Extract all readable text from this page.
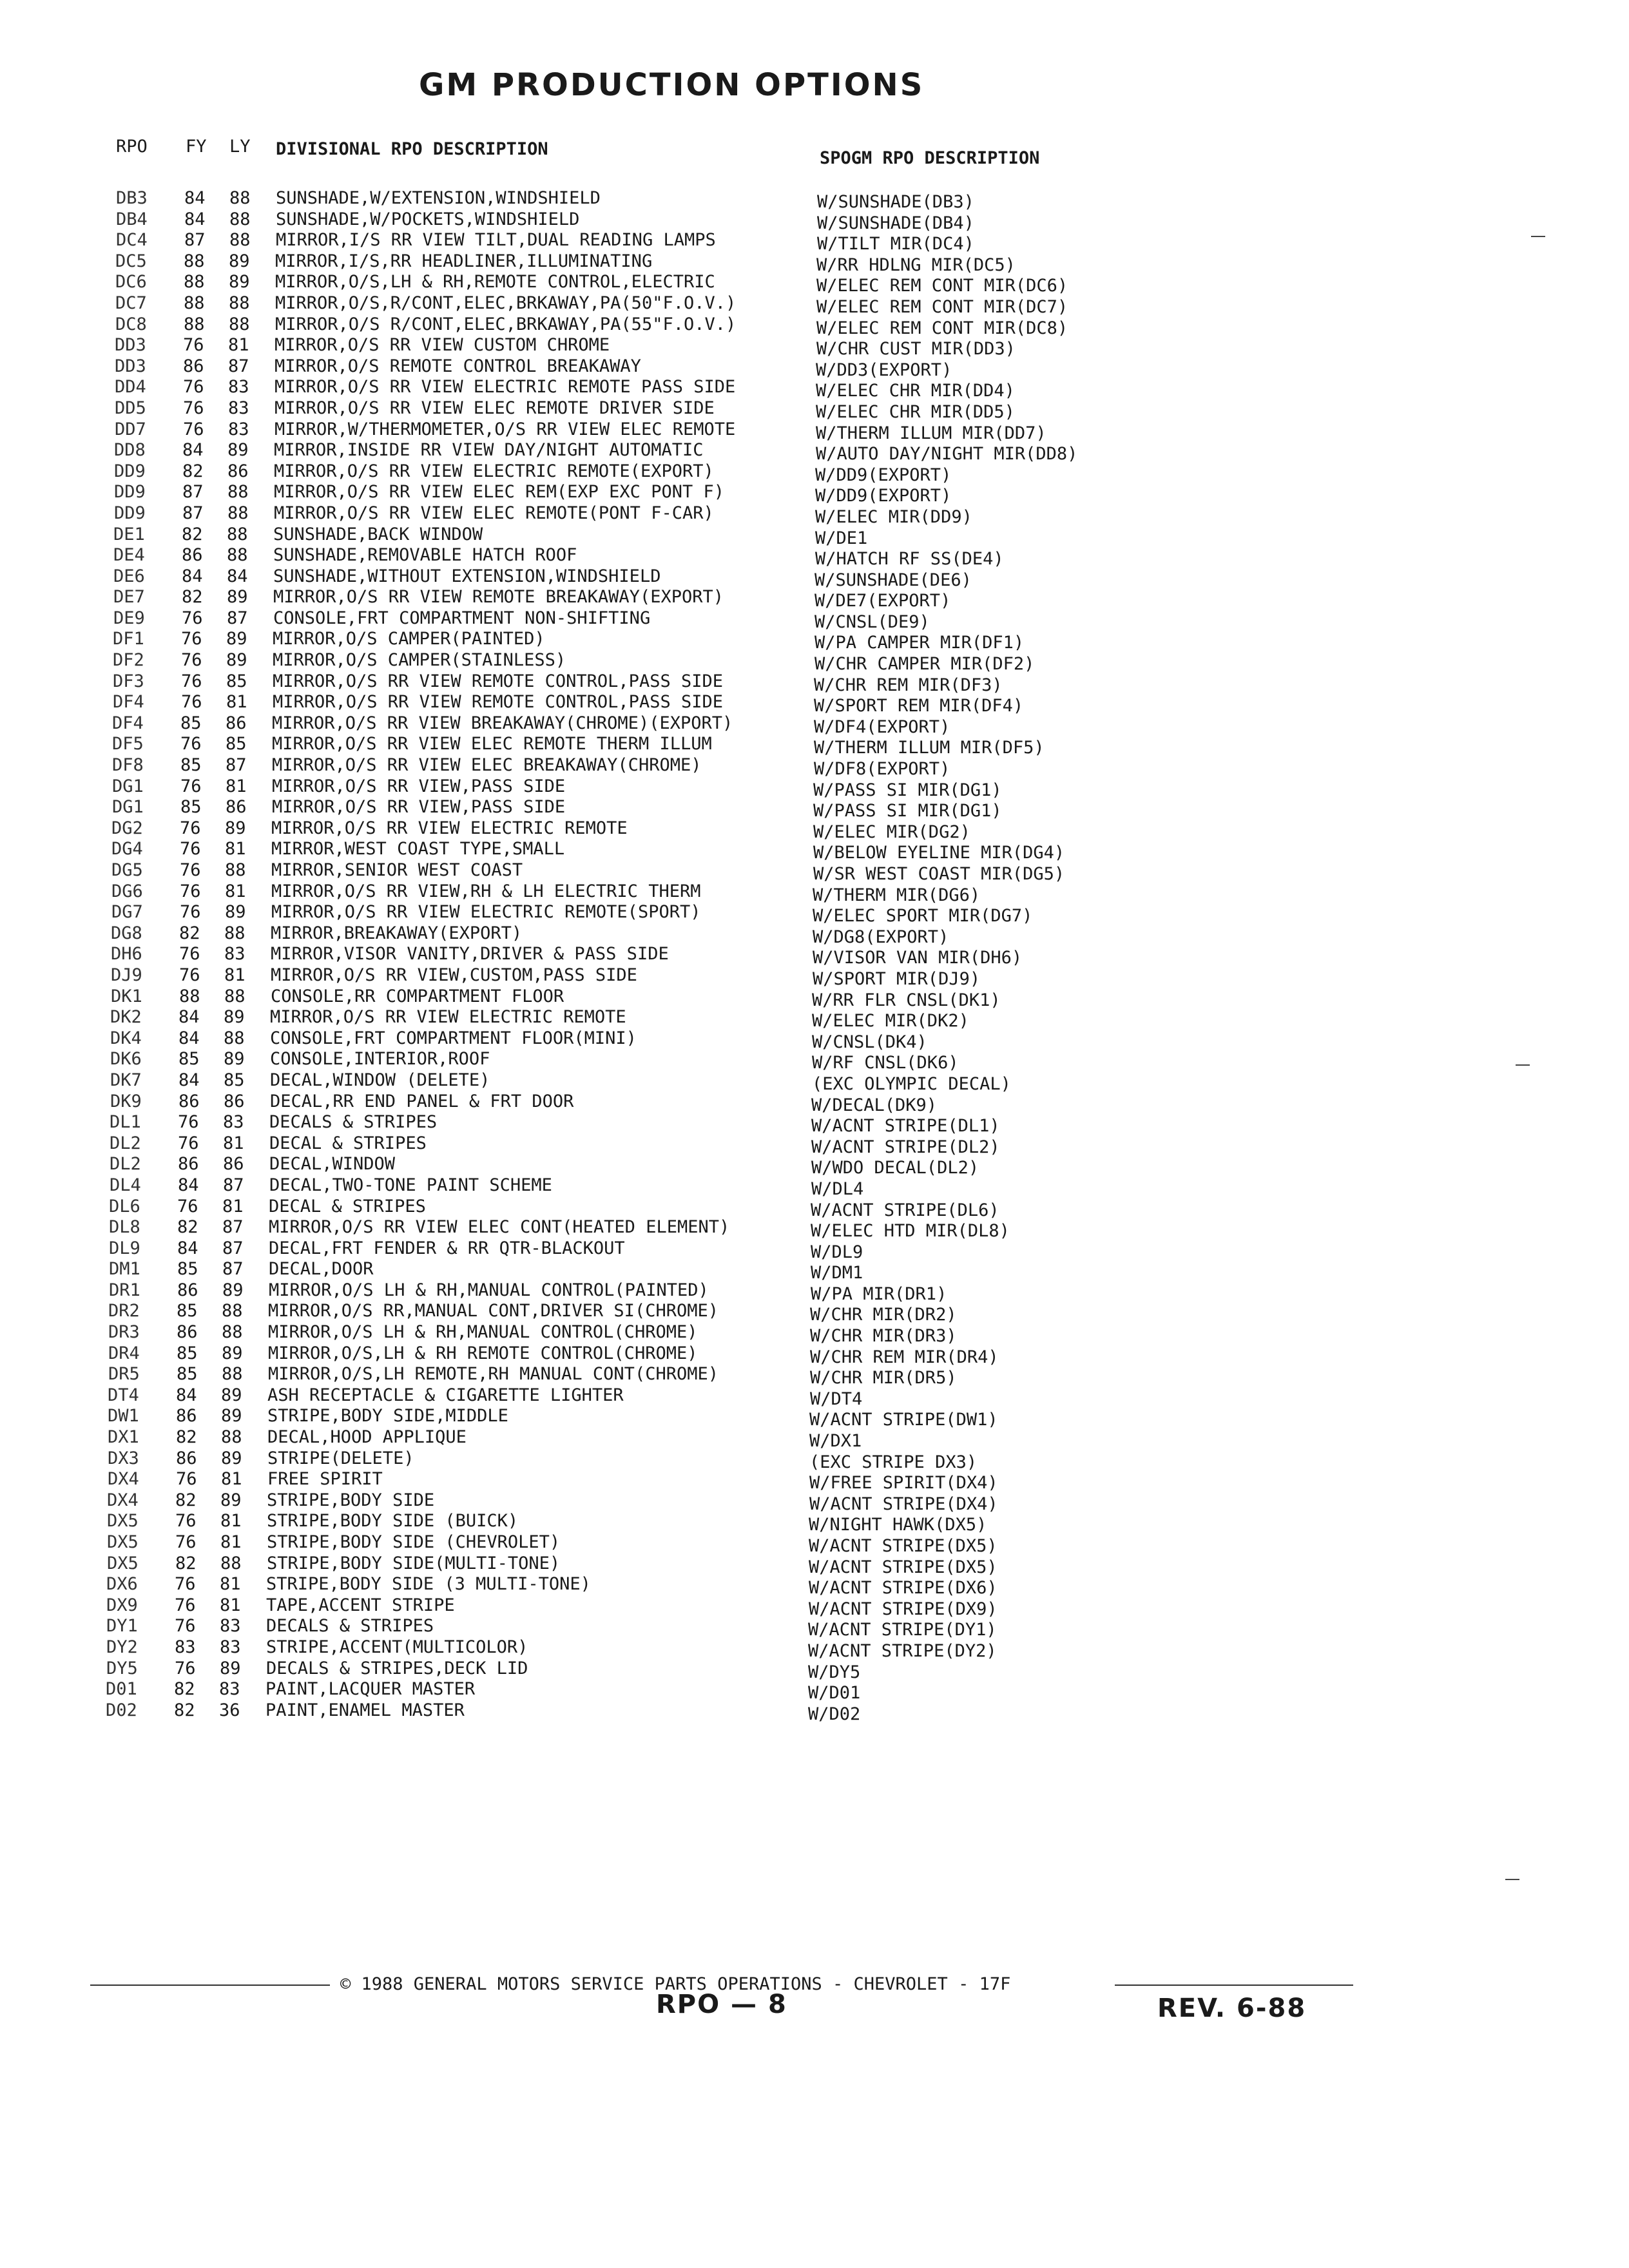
GM PRODUCTION OPTIONS
RPO FY LY DIVISIONAL RPO DESCRIPTION	SPOGM RPO DESCRIPTION
DB3 84 88 SUNSHADE,W/EXTENSION,WINDSHIELD	W/SUNSHADE(DB3)
DB4 84 88 SUNSHADE,W/POCKETS,WINDSHIELD	W/SUNSHADE(DB4)
DC4 87 88 MIRROR,I/S RR VIEW TILT,DUAL READING LAMPS	W/TILT MIR(DC4)
DC5 88 89 MIRROR,I/S,RR HEADLINER,ILLUMINATING	W/RR HDLNG MIR(DC5)
DC6 88 89 MIRROR,O/S,LH & RH,REMOTE CONTROL,ELECTRIC	W/ELEC REM CONT MIR(DC6)
DC7 88 88 MIRROR,O/S,R/CONT,ELEC,BRKAWAY,PA(50"F.O.V.)	W/ELEC REM CONT MIR(DC7)
DC8 88 88 MIRROR,O/S R/CONT,ELEC,BRKAWAY,PA(55"F.O.V.)	W/ELEC REM CONT MIR(DC8)
DD3 76 81 MIRROR,O/S RR VIEW CUSTOM CHROME	W/CHR CUST MIR(DD3)
DD3 86 87 MIRROR,O/S REMOTE CONTROL BREAKAWAY	W/DD3(EXPORT)
DD4 76 83 MIRROR,O/S RR VIEW ELECTRIC REMOTE PASS SIDE	W/ELEC CHR MIR(DD4)
DD5 76 83 MIRROR,O/S RR VIEW ELEC REMOTE DRIVER SIDE	W/ELEC CHR MIR(DD5)
DD7 76 83 MIRROR,W/THERMOMETER,O/S RR VIEW ELEC REMOTE	W/THERM ILLUM MIR(DD7)
DD8 84 89 MIRROR,INSIDE RR VIEW DAY/NIGHT AUTOMATIC	W/AUTO DAY/NIGHT MIR(DD8)
DD9 82 86 MIRROR,O/S RR VIEW ELECTRIC REMOTE(EXPORT)	W/DD9(EXPORT)
DD9 87 88 MIRROR,O/S RR VIEW ELEC REM(EXP EXC PONT F)	W/DD9(EXPORT)
DD9 87 88 MIRROR,O/S RR VIEW ELEC REMOTE(PONT F-CAR)	W/ELEC MIR(DD9)
DE1 82 88 SUNSHADE,BACK WINDOW	W/DE1
DE4 86 88 SUNSHADE,REMOVABLE HATCH ROOF	W/HATCH RF SS(DE4)
DE6 84 84 SUNSHADE,WITHOUT EXTENSION,WINDSHIELD	W/SUNSHADE(DE6)
DE7 82 89 MIRROR,O/S RR VIEW REMOTE BREAKAWAY(EXPORT)	W/DE7(EXPORT)
DE9 76 87 CONSOLE,FRT COMPARTMENT NON-SHIFTING	W/CNSL(DE9)
DF1 76 89 MIRROR,O/S CAMPER(PAINTED)	W/PA CAMPER MIR(DF1)
DF2 76 89 MIRROR,O/S CAMPER(STAINLESS)	W/CHR CAMPER MIR(DF2)
DF3 76 85 MIRROR,O/S RR VIEW REMOTE CONTROL,PASS SIDE	W/CHR REM MIR(DF3)
DF4 76 81 MIRROR,O/S RR VIEW REMOTE CONTROL,PASS SIDE	W/SPORT REM MIR(DF4)
DF4 85 86 MIRROR,O/S RR VIEW BREAKAWAY(CHROME)(EXPORT)	W/DF4(EXPORT)
DF5 76 85 MIRROR,O/S RR VIEW ELEC REMOTE THERM ILLUM	W/THERM ILLUM MIR(DF5)
DF8 85 87 MIRROR,O/S RR VIEW ELEC BREAKAWAY(CHROME)	W/DF8(EXPORT)
DG1 76 81 MIRROR,O/S RR VIEW,PASS SIDE	W/PASS SI MIR(DG1)
DG1 85 86 MIRROR,O/S RR VIEW,PASS SIDE	W/PASS SI MIR(DG1)
DG2 76 89 MIRROR,O/S RR VIEW ELECTRIC REMOTE	W/ELEC MIR(DG2)
DG4 76 81 MIRROR,WEST COAST TYPE,SMALL	W/BELOW EYELINE MIR(DG4)
DG5 76 88 MIRROR,SENIOR WEST COAST	W/SR WEST COAST MIR(DG5)
DG6 76 81 MIRROR,O/S RR VIEW,RH & LH ELECTRIC THERM	W/THERM MIR(DG6)
DG7 76 89 MIRROR,O/S RR VIEW ELECTRIC REMOTE(SPORT)	W/ELEC SPORT MIR(DG7)
DG8 82 88 MIRROR,BREAKAWAY(EXPORT)	W/DG8(EXPORT)
DH6 76 83 MIRROR,VISOR VANITY,DRIVER & PASS SIDE	W/VISOR VAN MIR(DH6)
DJ9 76 81 MIRROR,O/S RR VIEW,CUSTOM,PASS SIDE	W/SPORT MIR(DJ9)
DK1 88 88 CONSOLE,RR COMPARTMENT FLOOR	W/RR FLR CNSL(DK1)
DK2 84 89 MIRROR,O/S RR VIEW ELECTRIC REMOTE	W/ELEC MIR(DK2)
DK4 84 88 CONSOLE,FRT COMPARTMENT FLOOR(MINI)	W/CNSL(DK4)
DK6 85 89 CONSOLE,INTERIOR,ROOF	W/RF CNSL(DK6)
DK7 84 85 DECAL,WINDOW (DELETE)	(EXC OLYMPIC DECAL)
DK9 86 86 DECAL,RR END PANEL & FRT DOOR	W/DECAL(DK9)
DL1 76 83 DECALS & STRIPES	W/ACNT STRIPE(DL1)
DL2 76 81 DECAL & STRIPES	W/ACNT STRIPE(DL2)
DL2 86 86 DECAL,WINDOW	W/WDO DECAL(DL2)
DL4 84 87 DECAL,TWO-TONE PAINT SCHEME	W/DL4
DL6 76 81 DECAL & STRIPES	W/ACNT STRIPE(DL6)
DL8 82 87 MIRROR,O/S RR VIEW ELEC CONT(HEATED ELEMENT)	W/ELEC HTD MIR(DL8)
DL9 84 87 DECAL,FRT FENDER & RR QTR-BLACKOUT	W/DL9
DM1 85 87 DECAL,DOOR	W/DM1
DR1 86 89 MIRROR,O/S LH & RH,MANUAL CONTROL(PAINTED)	W/PA MIR(DR1)
DR2 85 88 MIRROR,O/S RR,MANUAL CONT,DRIVER SI(CHROME)	W/CHR MIR(DR2)
DR3 86 88 MIRROR,O/S LH & RH,MANUAL CONTROL(CHROME)	W/CHR MIR(DR3)
DR4 85 89 MIRROR,O/S,LH & RH REMOTE CONTROL(CHROME)	W/CHR REM MIR(DR4)
DR5 85 88 MIRROR,O/S,LH REMOTE,RH MANUAL CONT(CHROME)	W/CHR MIR(DR5)
DT4 84 89 ASH RECEPTACLE & CIGARETTE LIGHTER	W/DT4
DW1 86 89 STRIPE,BODY SIDE,MIDDLE	W/ACNT STRIPE(DW1)
DX1 82 88 DECAL,HOOD APPLIQUE	W/DX1
DX3 86 89 STRIPE(DELETE)	(EXC STRIPE DX3)
DX4 76 81 FREE SPIRIT	W/FREE SPIRIT(DX4)
DX4 82 89 STRIPE,BODY SIDE	W/ACNT STRIPE(DX4)
DX5 76 81 STRIPE,BODY SIDE (BUICK)	W/NIGHT HAWK(DX5)
DX5 76 81 STRIPE,BODY SIDE (CHEVROLET)	W/ACNT STRIPE(DX5)
DX5 82 88 STRIPE,BODY SIDE(MULTI-TONE)	W/ACNT STRIPE(DX5)
DX6 76 81 STRIPE,BODY SIDE (3 MULTI-TONE)	W/ACNT STRIPE(DX6)
DX9 76 81 TAPE,ACCENT STRIPE	W/ACNT STRIPE(DX9)
DY1 76 83 DECALS & STRIPES	W/ACNT STRIPE(DY1)
DY2 83 83 STRIPE,ACCENT(MULTICOLOR)	W/ACNT STRIPE(DY2)
DY5 76 89 DECALS & STRIPES,DECK LID	W/DY5
D01 82 83 PAINT,LACQUER MASTER	W/D01
D02 82 36 PAINT,ENAMEL MASTER	W/D02
© 1988 GENERAL MOTORS SERVICE PARTS OPERATIONS - CHEVROLET - 17F
RPO — 8	REV. 6-88
